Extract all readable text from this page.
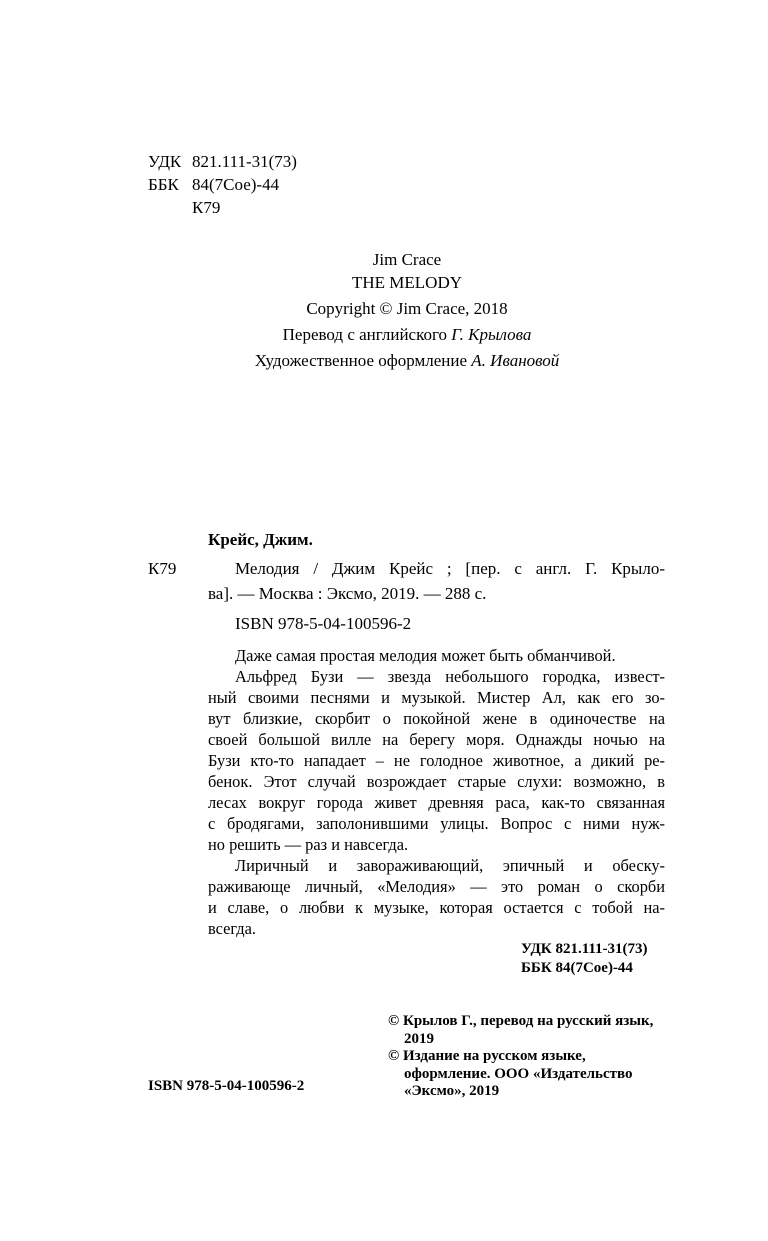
УДК 821.111-31(73)
ББК 84(7Сое)-44
К79
Jim Crace
THE MELODY
Copyright © Jim Crace, 2018
Перевод с английского Г. Крылова
Художественное оформление А. Ивановой
Крейс, Джим.
К79	Мелодия / Джим Крейс ; [пер. с англ. Г. Крыло-
ва]. — Москва : Эксмо, 2019. — 288 с.
ISBN 978-5-04-100596-2
Даже самая простая мелодия может быть обманчивой.
Альфред Бузи — звезда небольшого городка, извест-
ный своими песнями и музыкой. Мистер Ал, как его зо-
вут близкие, скорбит о покойной жене в одиночестве на
своей большой вилле на берегу моря. Однажды ночью на
Бузи кто-то нападает – не голодное животное, а дикий ре-
бенок. Этот случай возрождает старые слухи: возможно, в
лесах вокруг города живет древняя раса, как-то связанная
с бродягами, заполонившими улицы. Вопрос с ними нуж-
но решить — раз и навсегда.
Лиричный и завораживающий, эпичный и обеску-
раживающе личный, «Мелодия» — это роман о скорби
и славе, о любви к музыке, которая остается с тобой на-
всегда.
УДК 821.111-31(73)
ББК 84(7Сое)-44
ISBN 978-5-04-100596-2
© Крылов Г., перевод на русский язык,
2019
© Издание на русском языке,
оформление. ООО «Издательство
«Эксмо», 2019
